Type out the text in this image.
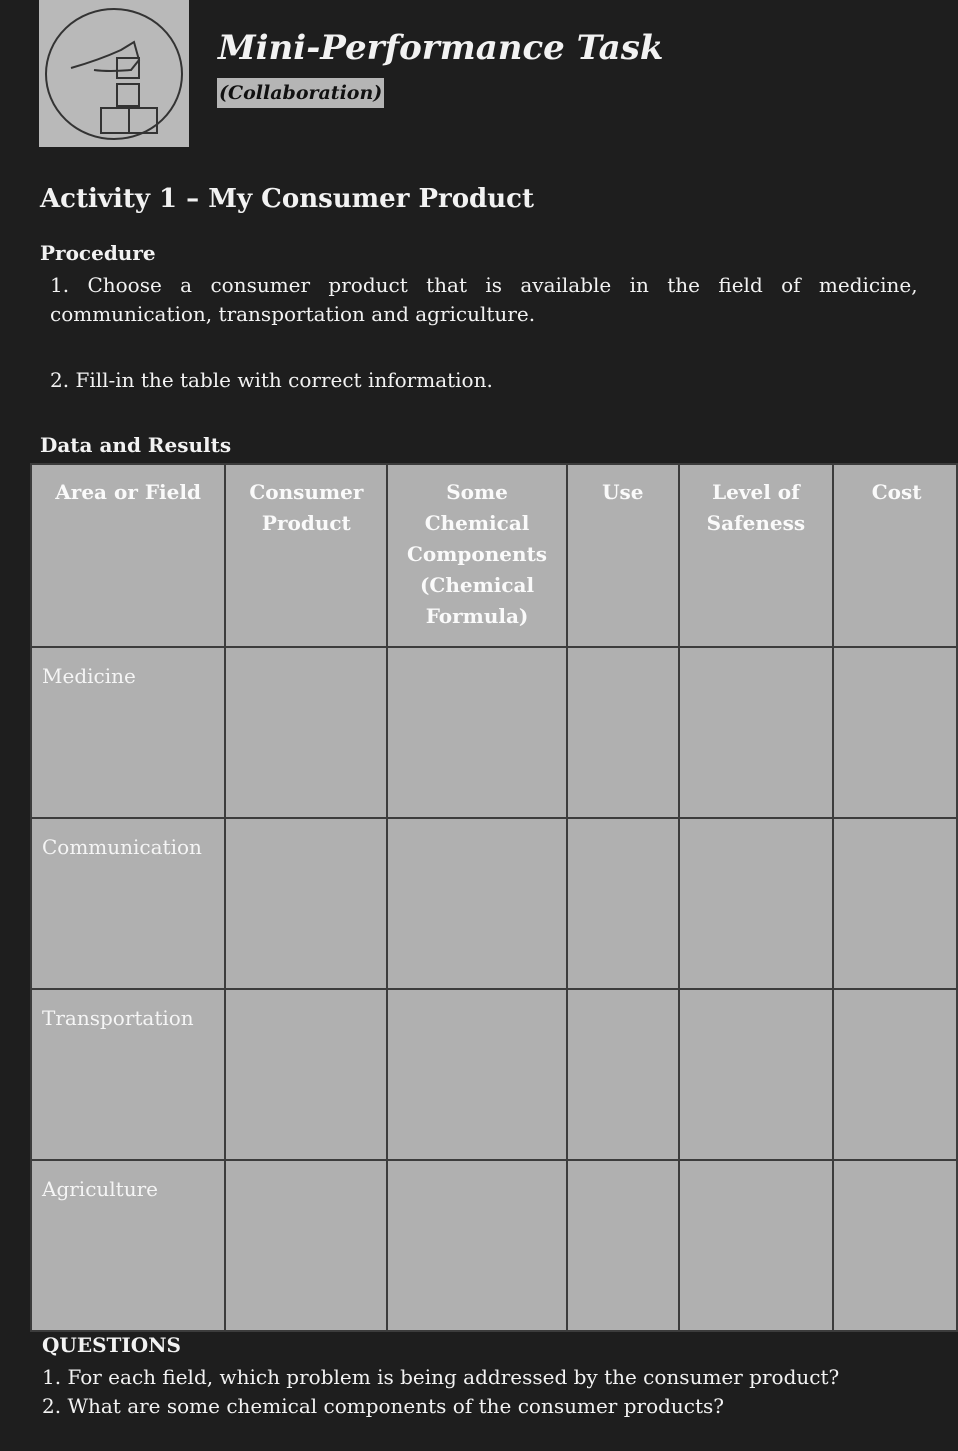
Mini-Performance Task
(Collaboration)
Activity 1 – My Consumer Product
Procedure
1. Choose a consumer product that is available in the field of medicine,
communication, transportation and agriculture.
2. Fill-in the table with correct information.
Data and Results
Area or Field	Consumer Product	Some Chemical Components (Chemical Formula)	Use	Level of Safeness	Cost
Medicine					
Communication					
Transportation					
Agriculture					
QUESTIONS
1. For each field, which problem is being addressed by the consumer product?
2. What are some chemical components of the consumer products?
